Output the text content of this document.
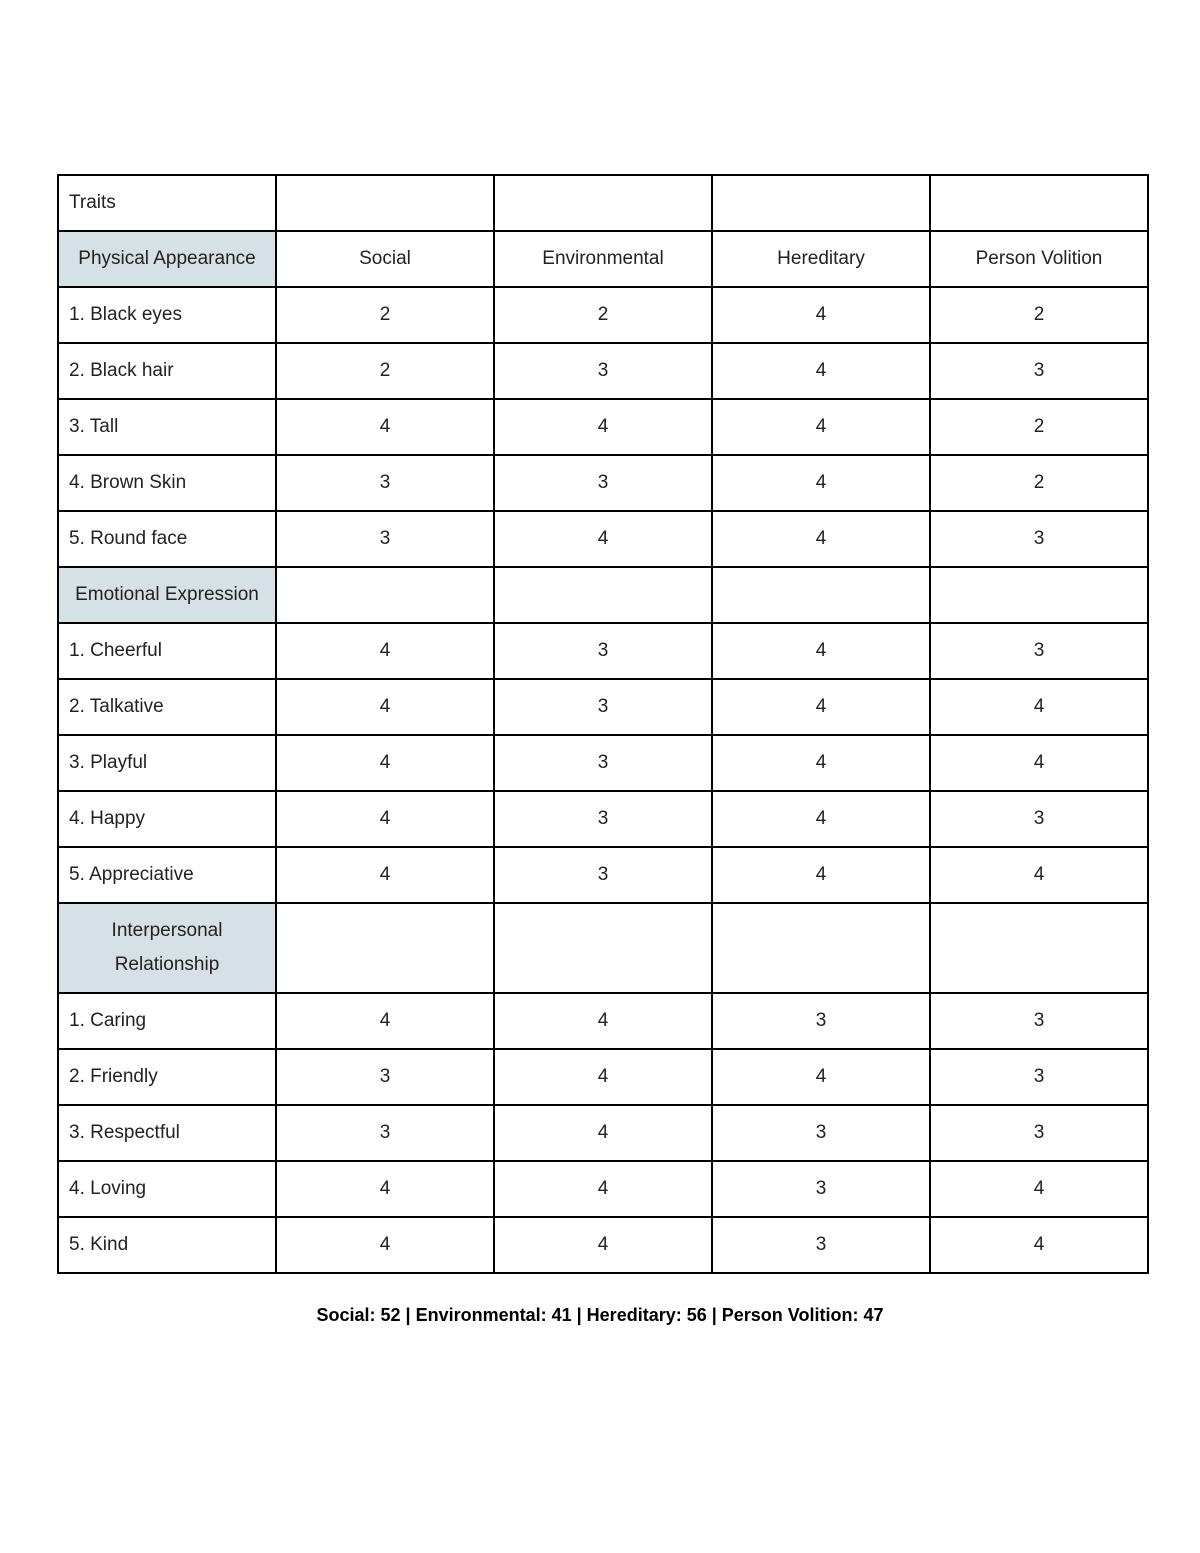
Traits				
Physical Appearance	Social	Environmental	Hereditary	Person Volition
1. Black eyes	2	2	4	2
2. Black hair	2	3	4	3
3. Tall	4	4	4	2
4. Brown Skin	3	3	4	2
5. Round face	3	4	4	3
Emotional Expression				
1. Cheerful	4	3	4	3
2. Talkative	4	3	4	4
3. Playful	4	3	4	4
4. Happy	4	3	4	3
5. Appreciative	4	3	4	4
Interpersonal Relationship				
1. Caring	4	4	3	3
2. Friendly	3	4	4	3
3. Respectful	3	4	3	3
4. Loving	4	4	3	4
5. Kind	4	4	3	4
Social: 52 | Environmental: 41 | Hereditary: 56 | Person Volition: 47
